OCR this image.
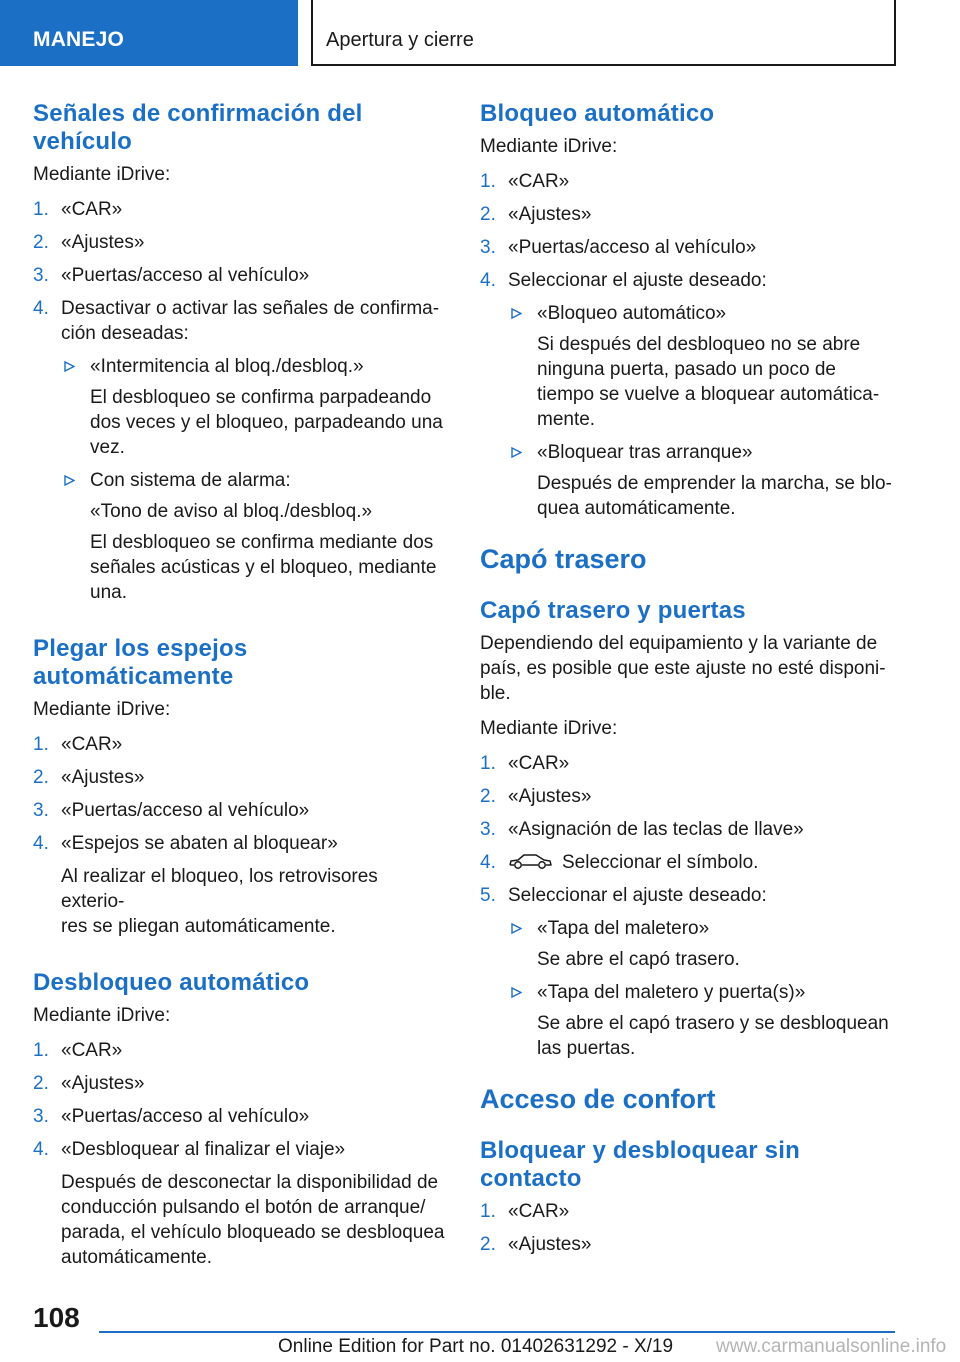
MANEJO	Apertura y cierre
Señales de confirmación del
vehículo
Mediante iDrive:
1. «CAR»
2. «Ajustes»
3. «Puertas/acceso al vehículo»
4. Desactivar o activar las señales de confirma-
ción deseadas:
«Intermitencia al bloq./desbloq.»
El desbloqueo se confirma parpadeando
dos veces y el bloqueo, parpadeando una
vez.
Con sistema de alarma:
«Tono de aviso al bloq./desbloq.»
El desbloqueo se confirma mediante dos
señales acústicas y el bloqueo, mediante
una.
Plegar los espejos automáticamente
Mediante iDrive:
1. «CAR»
2. «Ajustes»
3. «Puertas/acceso al vehículo»
4. «Espejos se abaten al bloquear»
Al realizar el bloqueo, los retrovisores exterio-
res se pliegan automáticamente.
Desbloqueo automático
Mediante iDrive:
1. «CAR»
2. «Ajustes»
3. «Puertas/acceso al vehículo»
4. «Desbloquear al finalizar el viaje»
Después de desconectar la disponibilidad de
conducción pulsando el botón de arranque/
parada, el vehículo bloqueado se desbloquea
automáticamente.
Bloqueo automático
Mediante iDrive:
1. «CAR»
2. «Ajustes»
3. «Puertas/acceso al vehículo»
4. Seleccionar el ajuste deseado:
«Bloqueo automático»
Si después del desbloqueo no se abre
ninguna puerta, pasado un poco de
tiempo se vuelve a bloquear automática-
mente.
«Bloquear tras arranque»
Después de emprender la marcha, se blo-
quea automáticamente.
Capó trasero
Capó trasero y puertas
Dependiendo del equipamiento y la variante de
país, es posible que este ajuste no esté disponi-
ble.
Mediante iDrive:
1. «CAR»
2. «Ajustes»
3. «Asignación de las teclas de llave»
4.	Seleccionar el símbolo.
5. Seleccionar el ajuste deseado:
«Tapa del maletero»
Se abre el capó trasero.
«Tapa del maletero y puerta(s)»
Se abre el capó trasero y se desbloquean
las puertas.
Acceso de confort
Bloquear y desbloquear sin
contacto
1. «CAR»
2. «Ajustes»
108
Online Edition for Part no. 01402631292 - X/19 www.carmanualsonline.info
